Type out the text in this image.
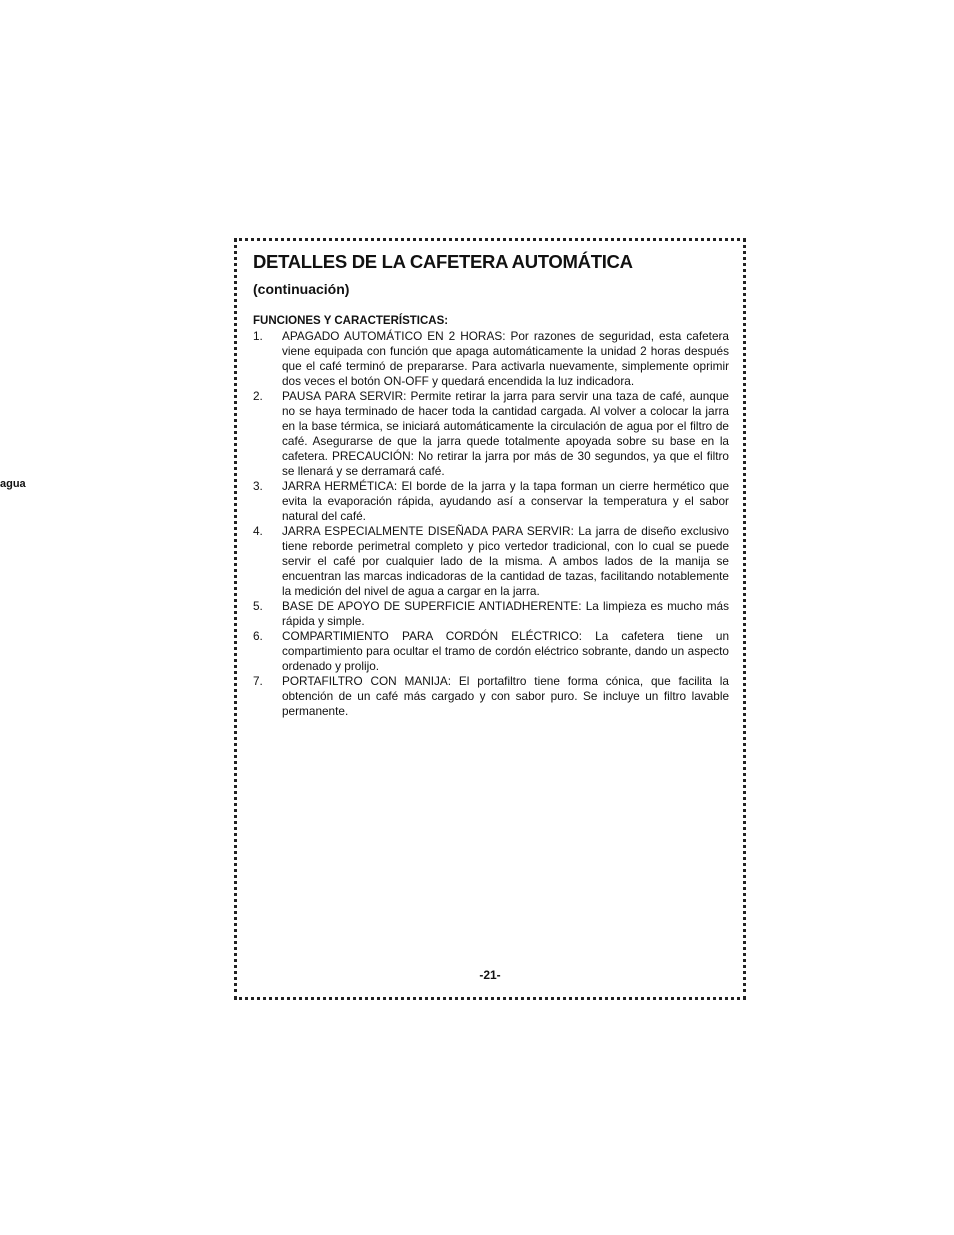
agua
DETALLES DE LA CAFETERA AUTOMÁTICA
(continuación)
FUNCIONES Y CARACTERÍSTICAS:
1. APAGADO AUTOMÁTICO EN 2 HORAS: Por razones de seguridad, esta cafetera viene equipada con función que apaga automáticamente la unidad 2 horas después que el café terminó de prepararse. Para activarla nuevamente, simplemente oprimir dos veces el botón ON-OFF y quedará encendida la luz indicadora.
2. PAUSA PARA SERVIR: Permite retirar la jarra para servir una taza de café, aunque no se haya terminado de hacer toda la cantidad cargada. Al volver a colocar la jarra en la base térmica, se iniciará automáticamente la circulación de agua por el filtro de café. Asegurarse de que la jarra quede totalmente apoyada sobre su base en la cafetera. PRECAUCIÓN: No retirar la jarra por más de 30 segundos, ya que el filtro se llenará y se derramará café.
3. JARRA HERMÉTICA: El borde de la jarra y la tapa forman un cierre hermético que evita la evaporación rápida, ayudando así a conservar la temperatura y el sabor natural del café.
4. JARRA ESPECIALMENTE DISEÑADA PARA SERVIR: La jarra de diseño exclusivo tiene reborde perimetral completo y pico vertedor tradicional, con lo cual se puede servir el café por cualquier lado de la misma. A ambos lados de la manija se encuentran las marcas indicadoras de la cantidad de tazas, facilitando notablemente la medición del nivel de agua a cargar en la jarra.
5. BASE DE APOYO DE SUPERFICIE ANTIADHERENTE: La limpieza es mucho más rápida y simple.
6. COMPARTIMIENTO PARA CORDÓN ELÉCTRICO: La cafetera tiene un compartimiento para ocultar el tramo de cordón eléctrico sobrante, dando un aspecto ordenado y prolijo.
7. PORTAFILTRO CON MANIJA: El portafiltro tiene forma cónica, que facilita la obtención de un café más cargado y con sabor puro. Se incluye un filtro lavable permanente.
-21-
